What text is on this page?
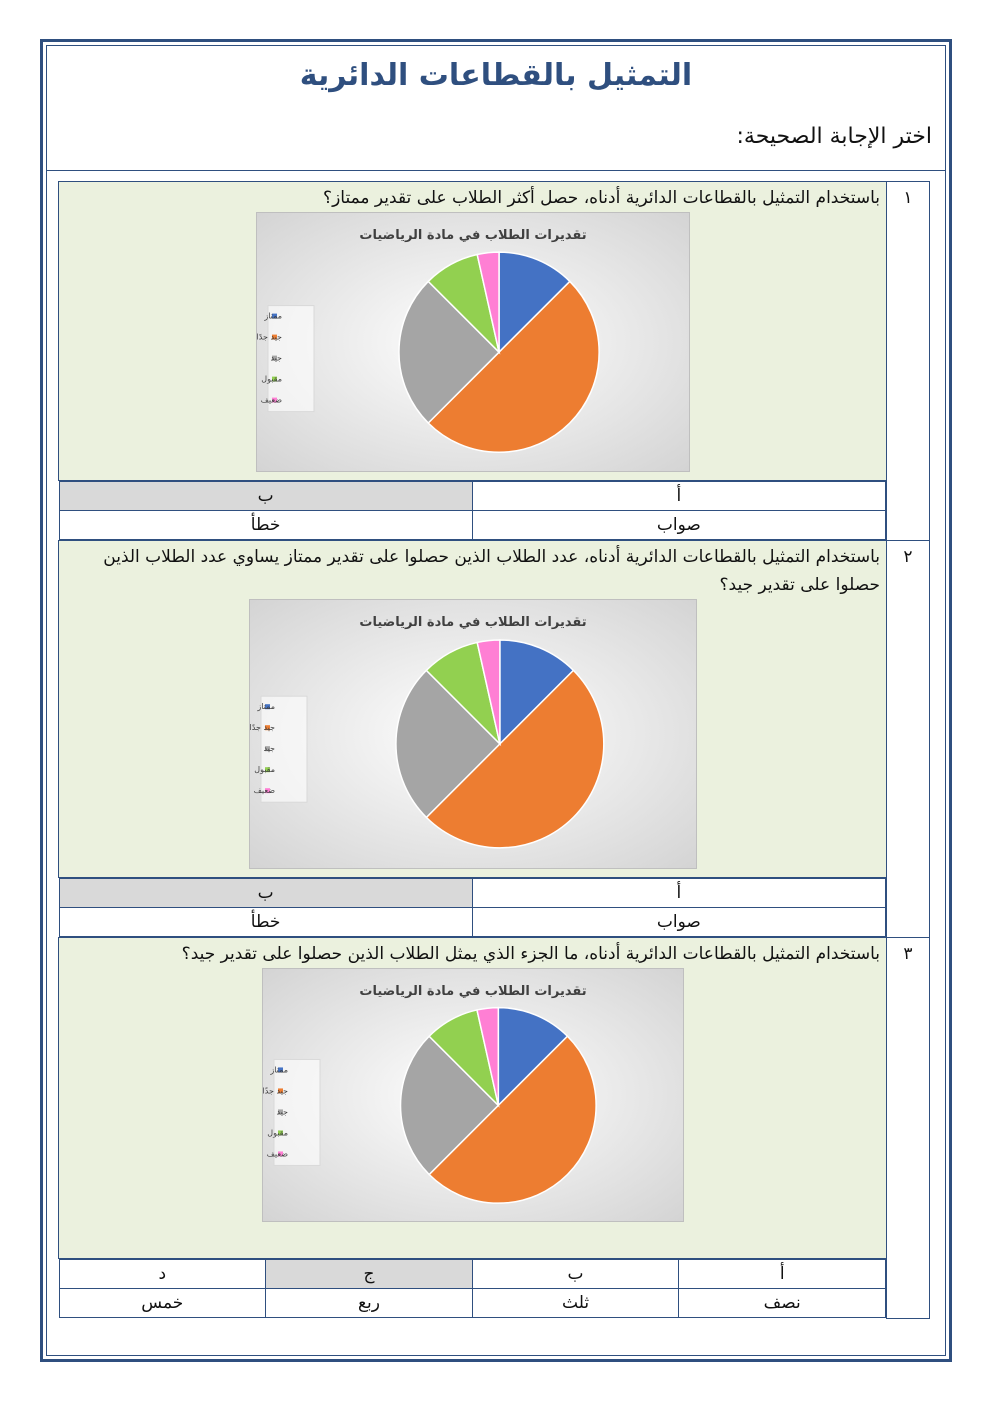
التمثيل بالقطاعات الدائرية
اختر الإجابة الصحيحة:
١	
باستخدام التمثيل بالقطاعات الدائرية أدناه، حصل أكثر الطلاب على تقدير ممتاز؟
تقديرات الطلاب في مادة الرياضيات
ممتاز
جيد جدًا
جيد
مقبول
ضعيف

أ	ب
صواب	خطأ

٢	
باستخدام التمثيل بالقطاعات الدائرية أدناه، عدد الطلاب الذين حصلوا على تقدير ممتاز يساوي عدد الطلاب الذين حصلوا على تقدير جيد؟
تقديرات الطلاب في مادة الرياضيات
ممتاز
جيد جدًا
جيد
مقبول
ضعيف

أ	ب
صواب	خطأ

٣	
باستخدام التمثيل بالقطاعات الدائرية أدناه، ما الجزء الذي يمثل الطلاب الذين حصلوا على تقدير جيد؟
تقديرات الطلاب في مادة الرياضيات
ممتاز
جيد جدًا
جيد
مقبول
ضعيف

أ	ب	ج	د
نصف	ثلث	ربع	خمس
